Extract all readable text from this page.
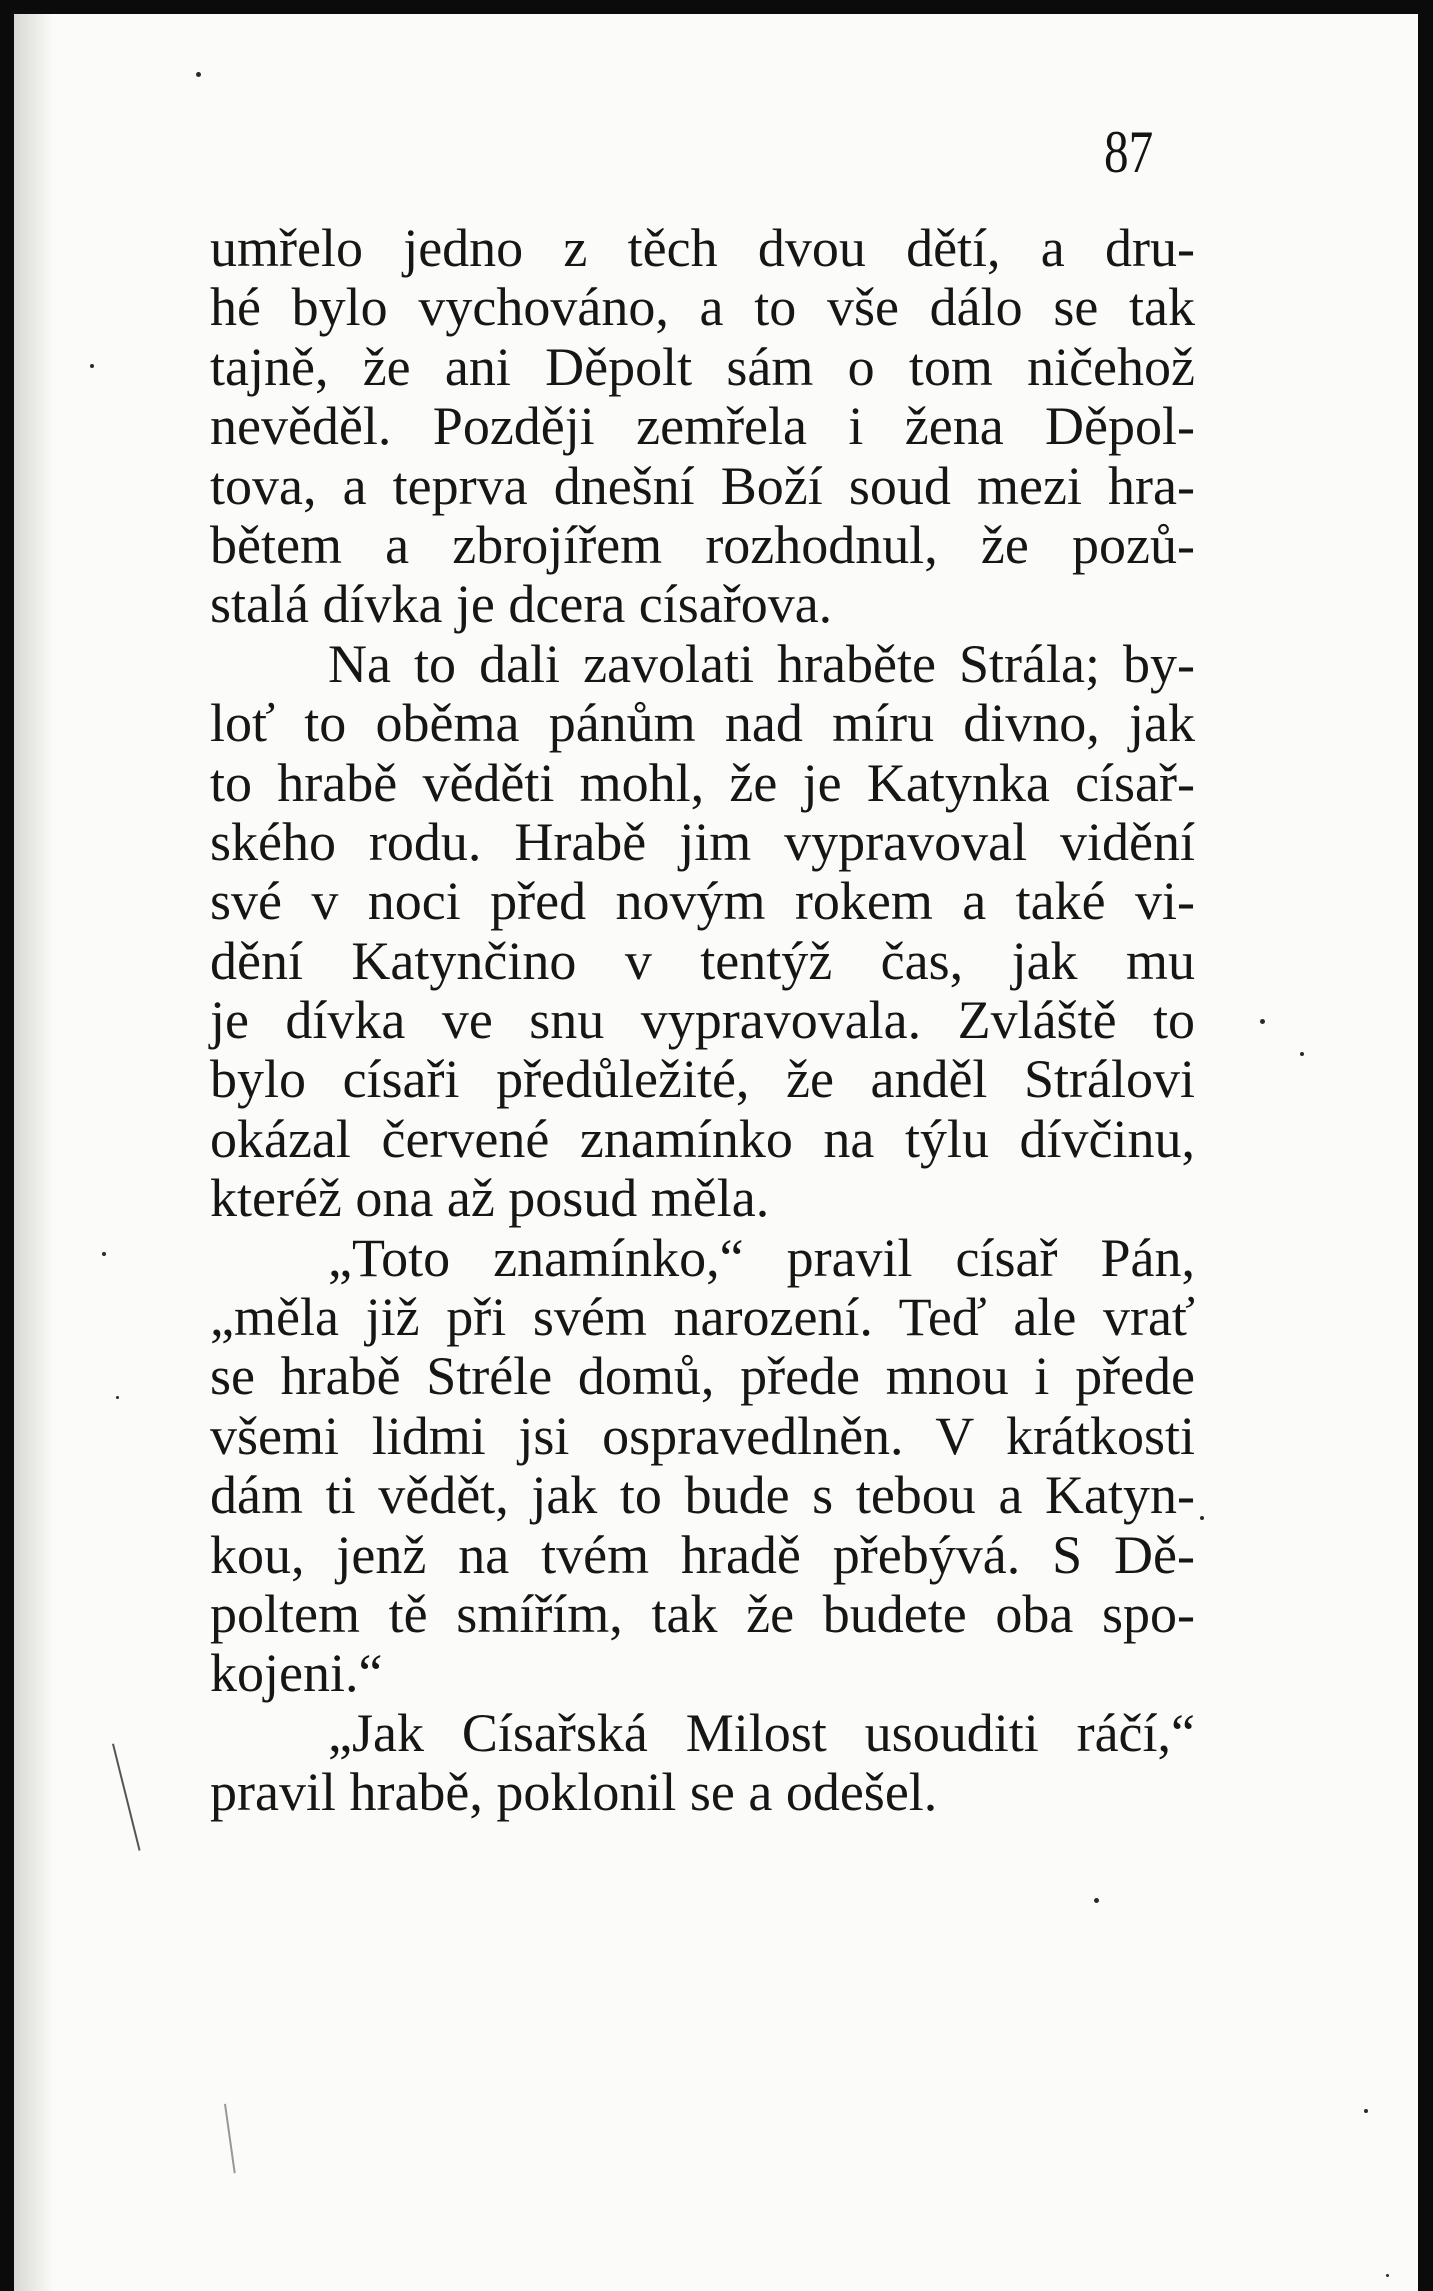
87
umřelo jedno z těch dvou dětí, a dru-
hé bylo vychováno, a to vše dálo se tak
tajně, že ani Děpolt sám o tom ničehož
nevěděl. Později zemřela i žena Děpol-
tova, a teprva dnešní Boží soud mezi hra-
bětem a zbrojířem rozhodnul, že pozů-
stalá dívka je dcera císařova.
Na to dali zavolati hraběte Strála; by-
loť to oběma pánům nad míru divno, jak
to hrabě věděti mohl, že je Katynka císař-
ského rodu. Hrabě jim vypravoval vidění
své v noci před novým rokem a také vi-
dění Katynčino v tentýž čas, jak mu
je dívka ve snu vypravovala. Zvláště to
bylo císaři předůležité, že anděl Strálovi
okázal červené znamínko na týlu dívčinu,
kteréž ona až posud měla.
„Toto znamínko,“ pravil císař Pán,
„měla již při svém narození. Teď ale vrať
se hrabě Stréle domů, přede mnou i přede
všemi lidmi jsi ospravedlněn. V krátkosti
dám ti vědět, jak to bude s tebou a Katyn-
kou, jenž na tvém hradě přebývá. S Dě-
poltem tě smířím, tak že budete oba spo-
kojeni.“
„Jak Císařská Milost usouditi ráčí,“
pravil hrabě, poklonil se a odešel.
